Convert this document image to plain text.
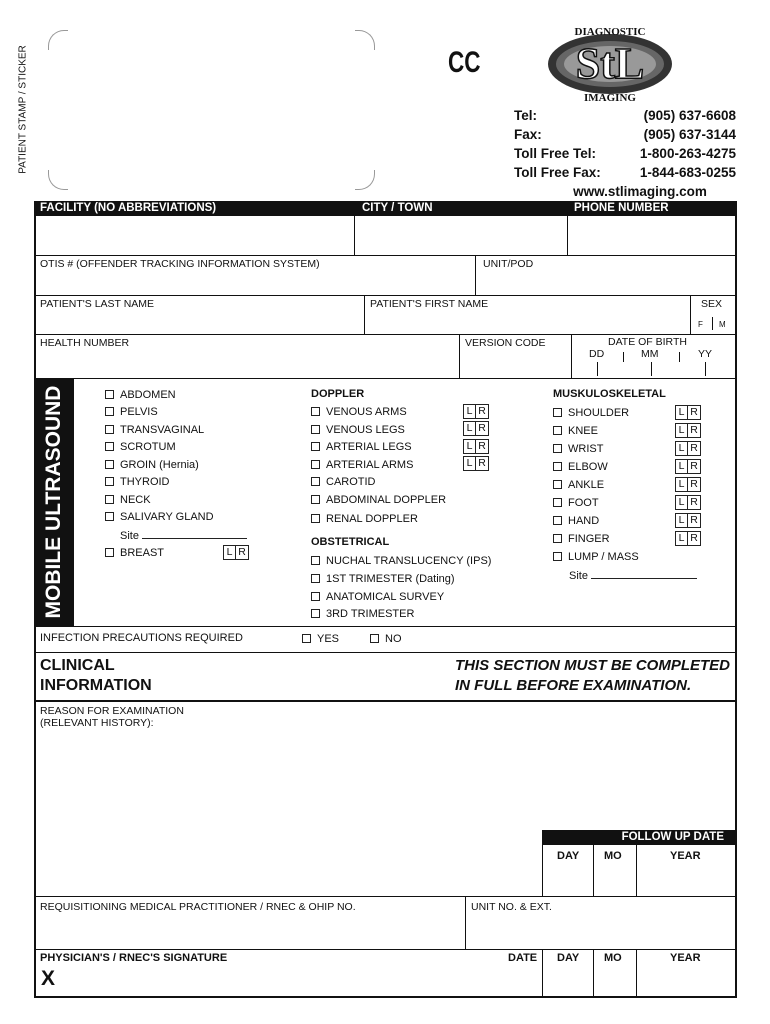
PATIENT STAMP / STICKER	CC StL
DIAGNOSTIC
IMAGING
Tel:	(905) 637-6608
Fax:	(905) 637-3144
Toll Free Tel:	1-800-263-4275
Toll Free Fax:	1-844-683-0255
www.stlimaging.com
FACILITY (NO ABBREVIATIONS)	CITY / TOWN	PHONE NUMBER
OTIS # (OFFENDER TRACKING INFORMATION SYSTEM)	UNIT/POD
PATIENT'S LAST NAME	PATIENT'S FIRST NAME	SEX
F M
HEALTH NUMBER	VERSION CODE	DATE OF BIRTH
DD	MM	YY
MOBILE ULTRASOUND	ABDOMEN
PELVIS
TRANSVAGINAL
SCROTUM
GROIN (Hernia)
THYROID
NECK
SALIVARY GLAND
Site
BREAST	L R
DOPPLER
VENOUS ARMS	L R
VENOUS LEGS	L R
ARTERIAL LEGS	L R
ARTERIAL ARMS	L R
CAROTID
ABDOMINAL DOPPLER
RENAL DOPPLER
OBSTETRICAL
NUCHAL TRANSLUCENCY (IPS)
1ST TRIMESTER (Dating)
ANATOMICAL SURVEY
3RD TRIMESTER
MUSKULOSKELETAL
SHOULDER	L R
KNEE	L R
WRIST	L R
ELBOW	L R
ANKLE	L R
FOOT	L R
HAND	L R
FINGER	L R
LUMP / MASS
Site
INFECTION PRECAUTIONS REQUIRED	YES	NO
CLINICAL
INFORMATION
THIS SECTION MUST BE COMPLETED
IN FULL BEFORE EXAMINATION.
REASON FOR EXAMINATION
(RELEVANT HISTORY):
FOLLOW UP DATE
DAY MO	YEAR
REQUISITIONING MEDICAL PRACTITIONER / RNEC & OHIP NO.	UNIT NO. & EXT.
PHYSICIAN'S / RNEC'S SIGNATURE
X
DATE DAY MO	YEAR
